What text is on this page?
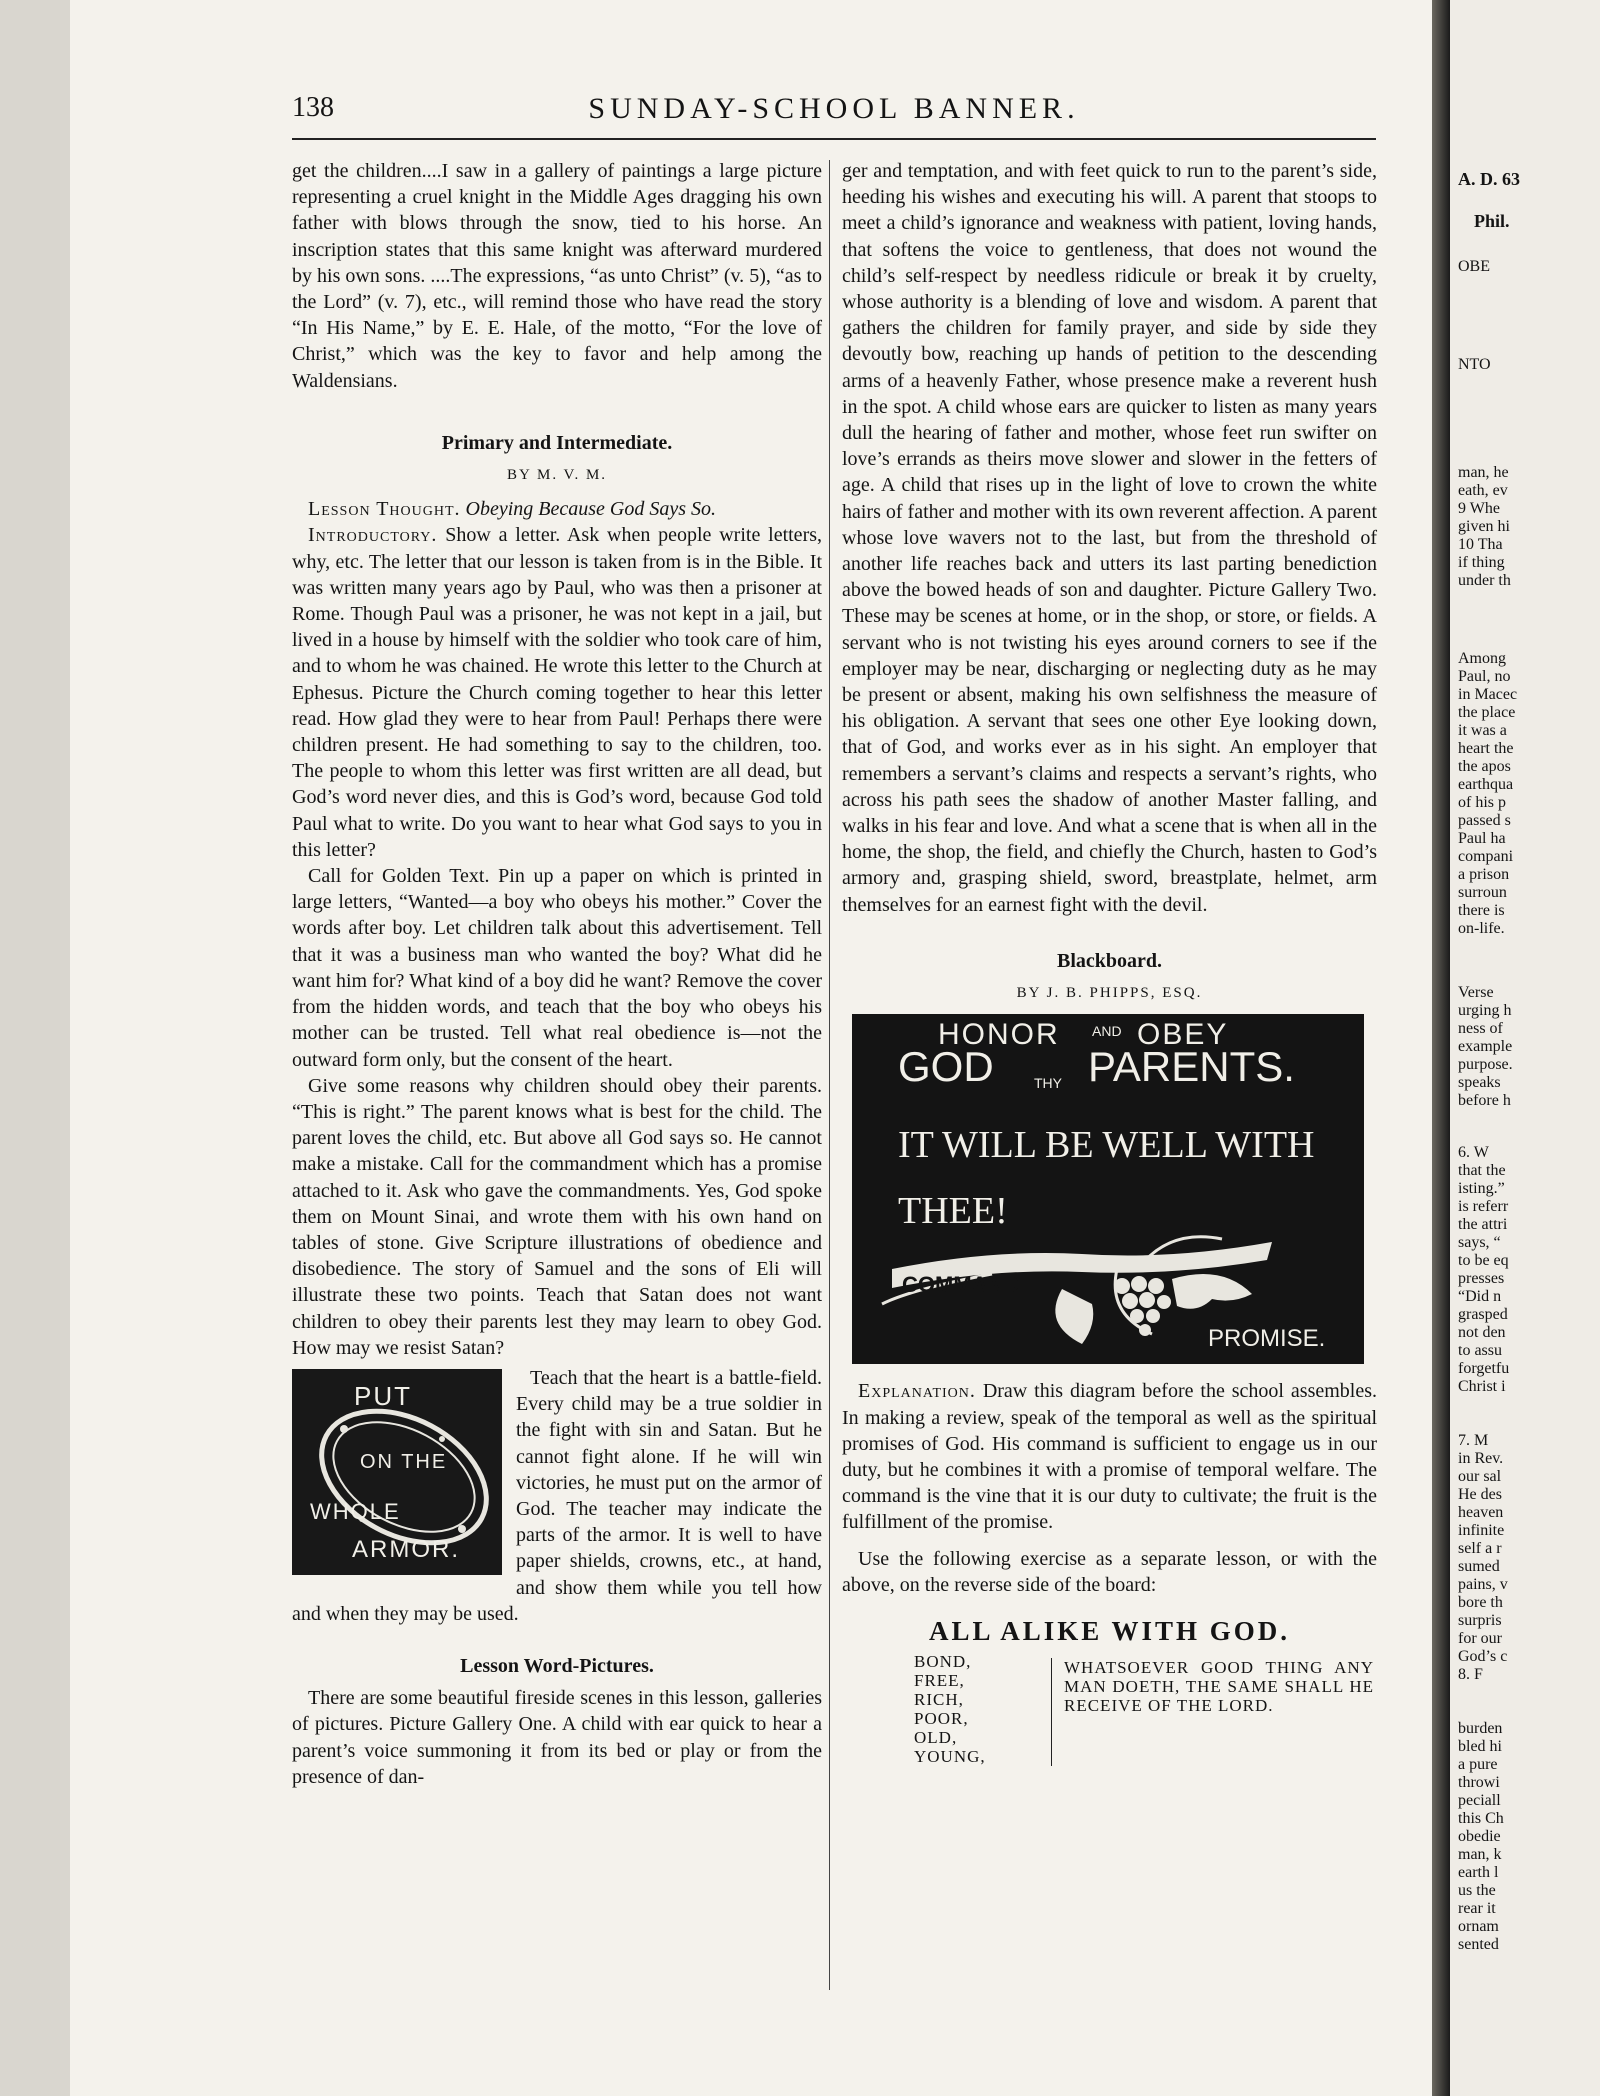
A. D. 63
Phil.
OBE
NTO
man, he
eath, ev
9 Whe
given hi
10 Tha
if thing
under th
Among
Paul, no
in Macec
the place
it was a
heart the
the apos
earthqua
of his p
passed s
Paul ha
compani
a prison
surroun
there is
on-life.
Verse
urging h
ness of
example
purpose.
speaks
before h
6. W
that the
isting.”
is referr
the attri
says, “
to be eq
presses
“Did n
grasped
not den
to assu
forgetfu
Christ i
7. M
in Rev.
our sal
He des
heaven
infinite
self a r
sumed
pains, v
bore th
surpris
for our
God’s c
8. F
burden
bled hi
a pure
throwi
peciall
this Ch
obedie
man, k
earth l
us the
rear it
ornam
sented
138	SUNDAY-SCHOOL BANNER.

get the children....I saw in a gallery of paintings a large picture representing a cruel knight in the Middle Ages dragging his own father with blows through the snow, tied to his horse. An inscription states that this same knight was afterward murdered by his own sons. ....The expressions, “as unto Christ” (v. 5), “as to the Lord” (v. 7), etc., will remind those who have read the story “In His Name,” by E. E. Hale, of the motto, “For the love of Christ,” which was the key to favor and help among the Waldensians.

Primary and Intermediate.
BY M. V. M.

Lesson Thought. Obeying Because God Says So.

Introductory. Show a letter. Ask when people write letters, why, etc. The letter that our lesson is taken from is in the Bible. It was written many years ago by Paul, who was then a prisoner at Rome. Though Paul was a prisoner, he was not kept in a jail, but lived in a house by himself with the soldier who took care of him, and to whom he was chained. He wrote this letter to the Church at Ephesus. Picture the Church coming together to hear this letter read. How glad they were to hear from Paul! Perhaps there were children present. He had something to say to the children, too. The people to whom this letter was first written are all dead, but God’s word never dies, and this is God’s word, because God told Paul what to write. Do you want to hear what God says to you in this letter?

Call for Golden Text. Pin up a paper on which is printed in large letters, “Wanted—a boy who obeys his mother.” Cover the words after boy. Let children talk about this advertisement. Tell that it was a business man who wanted the boy? What did he want him for? What kind of a boy did he want? Remove the cover from the hidden words, and teach that the boy who obeys his mother can be trusted. Tell what real obedience is—not the outward form only, but the consent of the heart.

Give some reasons why children should obey their parents. “This is right.” The parent knows what is best for the child. The parent loves the child, etc. But above all God says so. He cannot make a mistake. Call for the commandment which has a promise attached to it. Ask who gave the commandments. Yes, God spoke them on Mount Sinai, and wrote them with his own hand on tables of stone. Give Scripture illustrations of obedience and disobedience. The story of Samuel and the sons of Eli will illustrate these two points. Teach that Satan does not want children to obey their parents lest they may learn to obey God. How may we resist Satan?

PUT
ON THE
WHOLE
ARMOR.

Teach that the heart is a battle-field. Every child may be a true soldier in the fight with sin and Satan. But he cannot fight alone. If he will win victories, he must put on the armor of God. The teacher may indicate the parts of the armor. It is well to have paper shields, crowns, etc., at hand, and show them while you tell how and when they may be used.

Lesson Word-Pictures.

There are some beautiful fireside scenes in this lesson, galleries of pictures. Picture Gallery One. A child with ear quick to hear a parent’s voice summoning it from its bed or play or from the presence of dan-

ger and temptation, and with feet quick to run to the parent’s side, heeding his wishes and executing his will. A parent that stoops to meet a child’s ignorance and weakness with patient, loving hands, that softens the voice to gentleness, that does not wound the child’s self-respect by needless ridicule or break it by cruelty, whose authority is a blending of love and wisdom. A parent that gathers the children for family prayer, and side by side they devoutly bow, reaching up hands of petition to the descending arms of a heavenly Father, whose presence make a reverent hush in the spot. A child whose ears are quicker to listen as many years dull the hearing of father and mother, whose feet run swifter on love’s errands as theirs move slower and slower in the fetters of age. A child that rises up in the light of love to crown the white hairs of father and mother with its own reverent affection. A parent whose love wavers not to the last, but from the threshold of another life reaches back and utters its last parting benediction above the bowed heads of son and daughter. Picture Gallery Two. These may be scenes at home, or in the shop, or store, or fields. A servant who is not twisting his eyes around corners to see if the employer may be near, discharging or neglecting duty as he may be present or absent, making his own selfishness the measure of his obligation. A servant that sees one other Eye looking down, that of God, and works ever as in his sight. An employer that remembers a servant’s claims and respects a servant’s rights, who across his path sees the shadow of another Master falling, and walks in his fear and love. And what a scene that is when all in the home, the shop, the field, and chiefly the Church, hasten to God’s armory and, grasping shield, sword, breastplate, helmet, arm themselves for an earnest fight with the devil.

Blackboard.
BY J. B. PHIPPS, ESQ.
HONOR AND OBEY
GOD	THY PARENTS.
IT WILL BE WELL WITH
THEE!
COMMAND
PROMISE.

Explanation. Draw this diagram before the school assembles. In making a review, speak of the temporal as well as the spiritual promises of God. His command is sufficient to engage us in our duty, but he combines it with a promise of temporal welfare. The command is the vine that it is our duty to cultivate; the fruit is the fulfillment of the promise.

Use the following exercise as a separate lesson, or with the above, on the reverse side of the board:

ALL ALIKE WITH GOD.
BOND,
FREE,
RICH,
POOR,
OLD,
YOUNG,
WHATSOEVER GOOD THING ANY MAN DOETH, THE SAME SHALL HE RECEIVE OF THE LORD.
